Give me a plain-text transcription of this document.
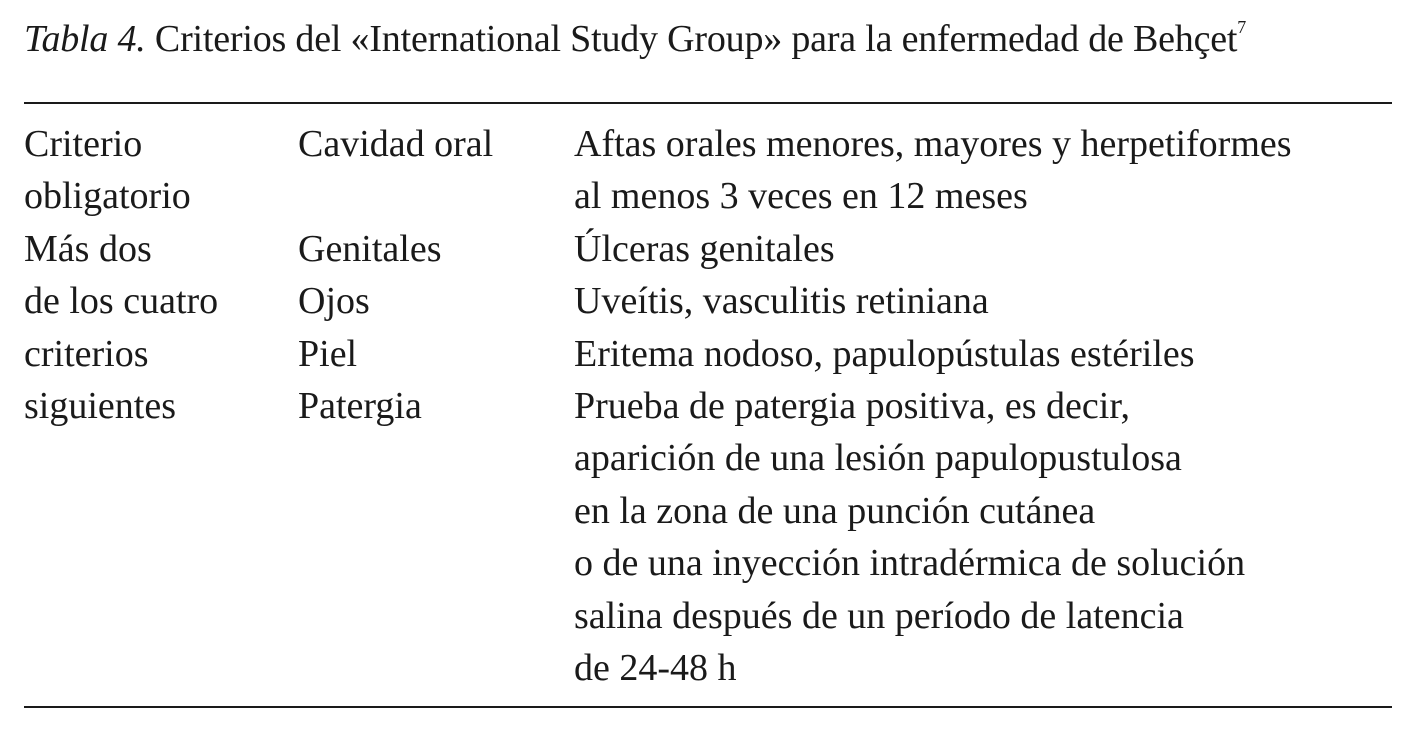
Tabla 4. Criterios del «International Study Group» para la enfermedad de Behçet$^7$
Criterio
obligatorio
Más dos
de los cuatro
criterios
siguientes
Cavidad oral
Genitales
Ojos
Piel
Patergia
Aftas orales menores, mayores y herpetiformes
al menos 3 veces en 12 meses
Úlceras genitales
Uveítis, vasculitis retiniana
Eritema nodoso, papulopústulas estériles
Prueba de patergia positiva, es decir,
aparición de una lesión papulopustulosa
en la zona de una punción cutánea
o de una inyección intradérmica de solución
salina después de un período de latencia
de 24-48 h
